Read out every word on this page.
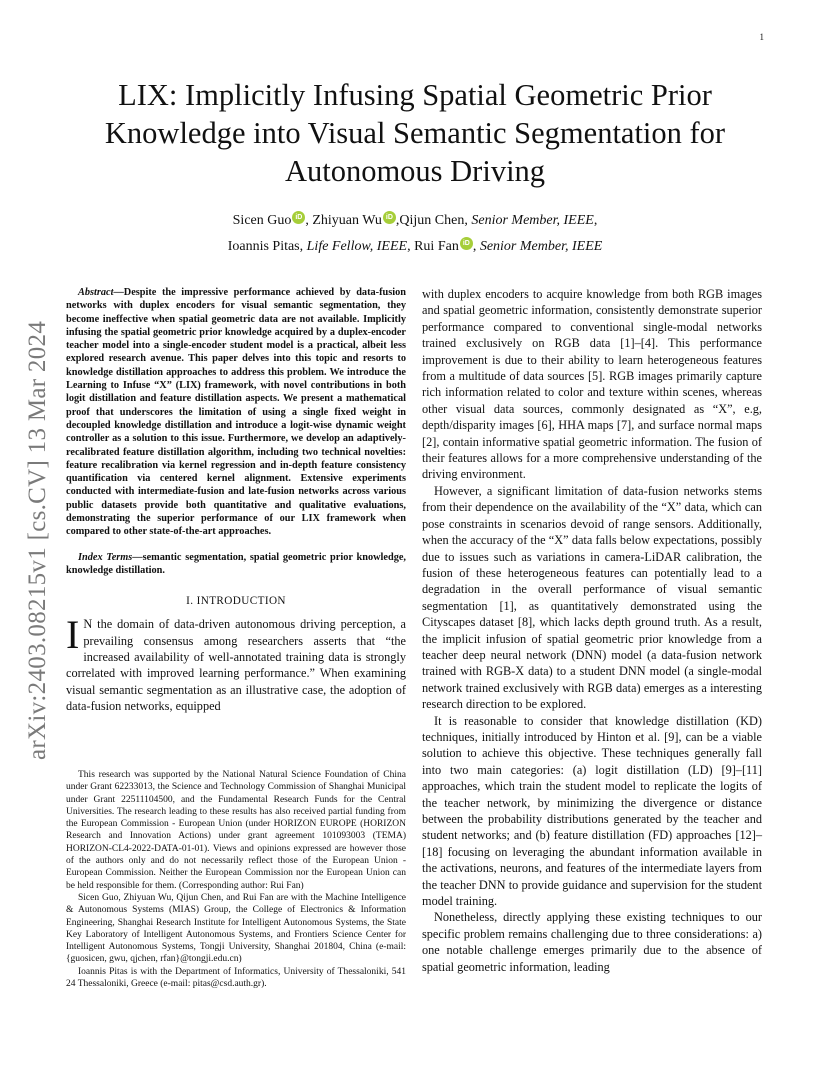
1
arXiv:2403.08215v1 [cs.CV] 13 Mar 2024
LIX: Implicitly Infusing Spatial Geometric Prior
Knowledge into Visual Semantic Segmentation for
Autonomous Driving
Sicen Guo iD , Zhiyuan Wu iD ,Qijun Chen, Senior Member, IEEE,
Ioannis Pitas, Life Fellow, IEEE, Rui Fan iD , Senior Member, IEEE

Abstract—Despite the impressive performance achieved by data-fusion networks with duplex encoders for visual semantic segmentation, they become ineffective when spatial geometric data are not available. Implicitly infusing the spatial geometric prior knowledge acquired by a duplex-encoder teacher model into a single-encoder student model is a practical, albeit less explored research avenue. This paper delves into this topic and resorts to knowledge distillation approaches to address this problem. We introduce the Learning to Infuse “X” (LIX) framework, with novel contributions in both logit distillation and feature distillation aspects. We present a mathematical proof that underscores the limitation of using a single fixed weight in decoupled knowledge distillation and introduce a logit-wise dynamic weight controller as a solution to this issue. Furthermore, we develop an adaptively-recalibrated feature distillation algorithm, including two technical novelties: feature recalibration via kernel regression and in-depth feature consistency quantification via centered kernel alignment. Extensive experiments conducted with intermediate-fusion and late-fusion networks across various public datasets provide both quantitative and qualitative evaluations, demonstrating the superior performance of our LIX framework when compared to other state-of-the-art approaches.

Index Terms—semantic segmentation, spatial geometric prior knowledge, knowledge distillation.

I. INTRODUCTION

I N the domain of data-driven autonomous driving perception, a prevailing consensus among researchers asserts that “the increased availability of well-annotated training data is strongly correlated with improved learning performance.” When examining visual semantic segmentation as an illustrative case, the adoption of data-fusion networks, equipped

This research was supported by the National Natural Science Foundation of China under Grant 62233013, the Science and Technology Commission of Shanghai Municipal under Grant 22511104500, and the Fundamental Research Funds for the Central Universities. The research leading to these results has also received partial funding from the European Commission - European Union (under HORIZON EUROPE (HORIZON Research and Innovation Actions) under grant agreement 101093003 (TEMA) HORIZON-CL4-2022-DATA-01-01). Views and opinions expressed are however those of the authors only and do not necessarily reflect those of the European Union - European Commission. Neither the European Commission nor the European Union can be held responsible for them. (Corresponding author: Rui Fan)

Sicen Guo, Zhiyuan Wu, Qijun Chen, and Rui Fan are with the Machine Intelligence & Autonomous Systems (MIAS) Group, the College of Electronics & Information Engineering, Shanghai Research Institute for Intelligent Autonomous Systems, the State Key Laboratory of Intelligent Autonomous Systems, and Frontiers Science Center for Intelligent Autonomous Systems, Tongji University, Shanghai 201804, China (e-mail: {guosicen, gwu, qjchen, rfan}@tongji.edu.cn)

Ioannis Pitas is with the Department of Informatics, University of Thessaloniki, 541 24 Thessaloniki, Greece (e-mail: pitas@csd.auth.gr).

with duplex encoders to acquire knowledge from both RGB images and spatial geometric information, consistently demonstrate superior performance compared to conventional single-modal networks trained exclusively on RGB data [1]–[4]. This performance improvement is due to their ability to learn heterogeneous features from a multitude of data sources [5]. RGB images primarily capture rich information related to color and texture within scenes, whereas other visual data sources, commonly designated as “X”, e.g, depth/disparity images [6], HHA maps [7], and surface normal maps [2], contain informative spatial geometric information. The fusion of their features allows for a more comprehensive understanding of the driving environment.

However, a significant limitation of data-fusion networks stems from their dependence on the availability of the “X” data, which can pose constraints in scenarios devoid of range sensors. Additionally, when the accuracy of the “X” data falls below expectations, possibly due to issues such as variations in camera-LiDAR calibration, the fusion of these heterogeneous features can potentially lead to a degradation in the overall performance of visual semantic segmentation [1], as quantitatively demonstrated using the Cityscapes dataset [8], which lacks depth ground truth. As a result, the implicit infusion of spatial geometric prior knowledge from a teacher deep neural network (DNN) model (a data-fusion network trained with RGB-X data) to a student DNN model (a single-modal network trained exclusively with RGB data) emerges as a interesting research direction to be explored.

It is reasonable to consider that knowledge distillation (KD) techniques, initially introduced by Hinton et al. [9], can be a viable solution to achieve this objective. These techniques generally fall into two main categories: (a) logit distillation (LD) [9]–[11] approaches, which train the student model to replicate the logits of the teacher network, by minimizing the divergence or distance between the probability distributions generated by the teacher and student networks; and (b) feature distillation (FD) approaches [12]–[18] focusing on leveraging the abundant information available in the activations, neurons, and features of the intermediate layers from the teacher DNN to provide guidance and supervision for the student model training.

Nonetheless, directly applying these existing techniques to our specific problem remains challenging due to three considerations: a) one notable challenge emerges primarily due to the absence of spatial geometric information, leading
